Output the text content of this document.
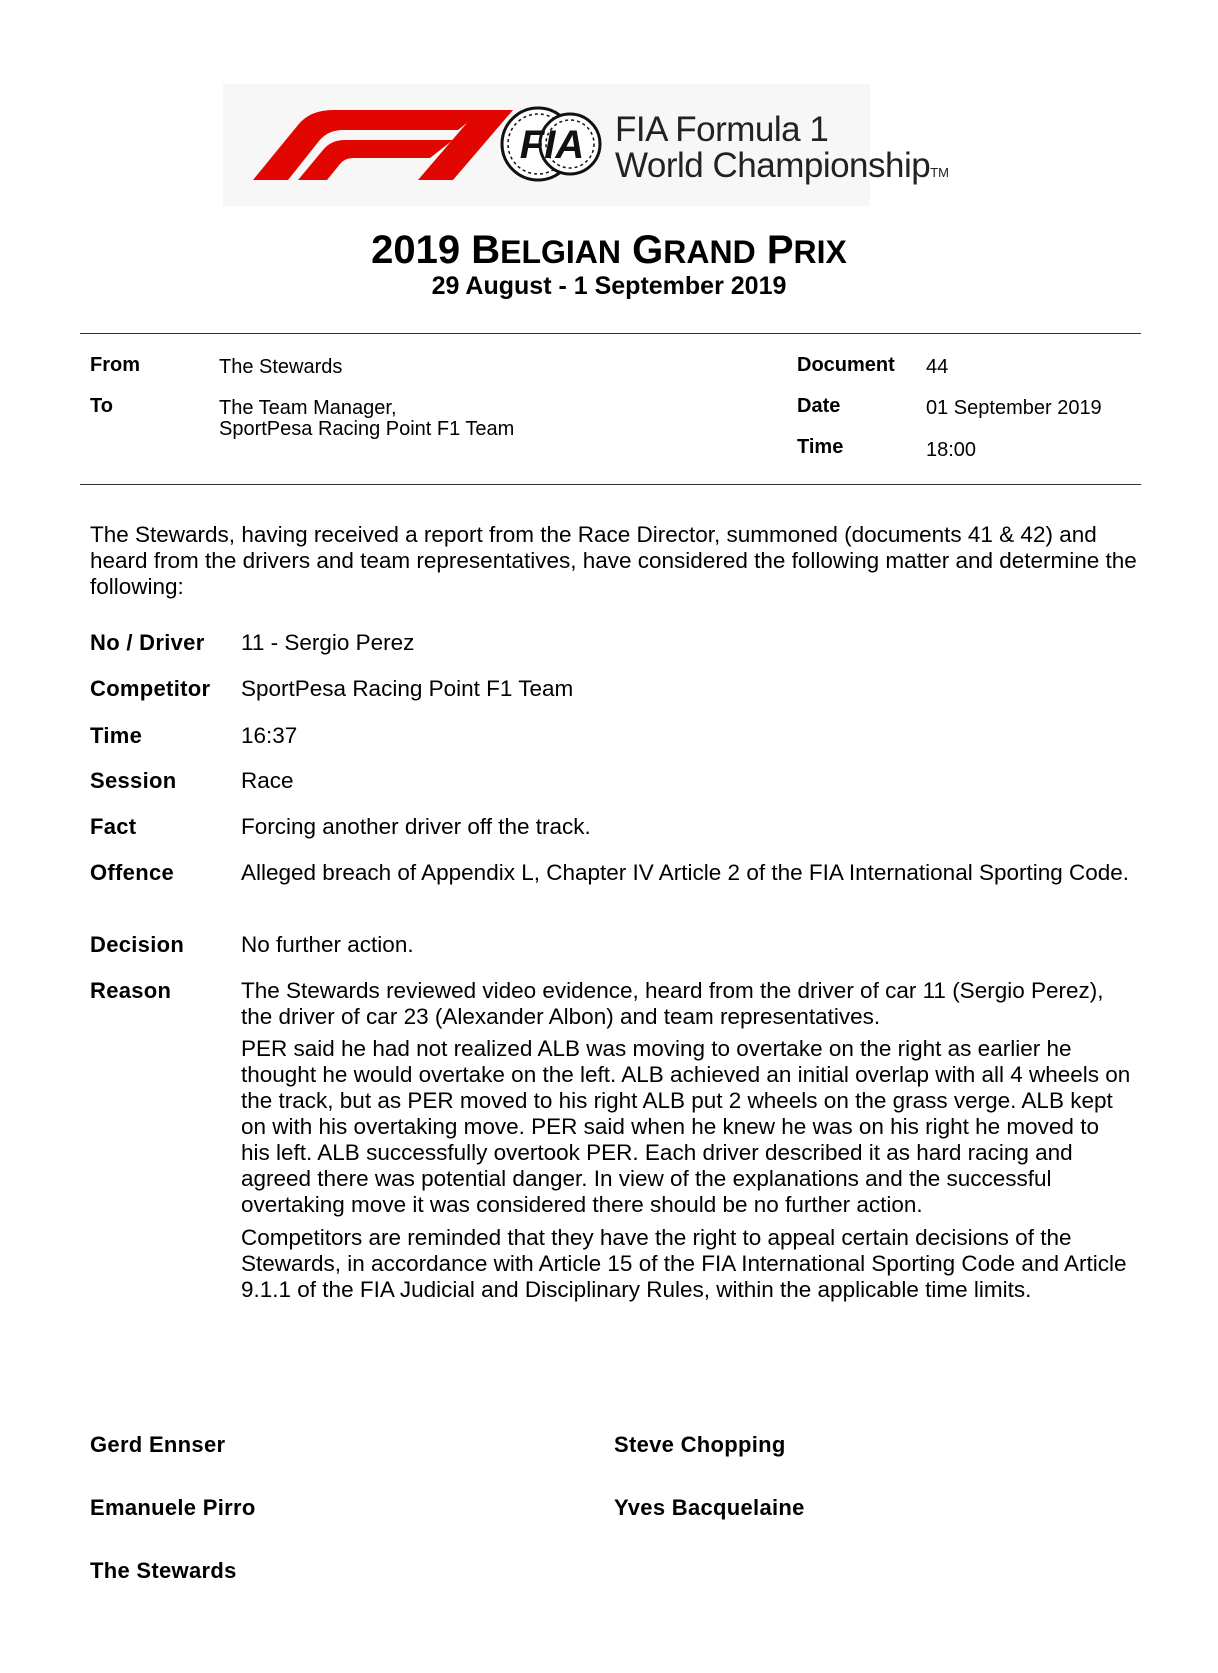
FIA FIA Formula 1
World ChampionshipTM
2019 BELGIAN GRAND PRIX
29 August - 1 September 2019
From	The Stewards
To	The Team Manager,
SportPesa Racing Point F1 Team
Document 44
Date	01 September 2019
Time	18:00
The Stewards, having received a report from the Race Director, summoned (documents 41 & 42) and heard from the drivers and team representatives, have considered the following matter and determine the following:
No / Driver 11 - Sergio Perez
Competitor SportPesa Racing Point F1 Team
Time	16:37
Session	Race
Fact	Forcing another driver off the track.
Offence	Alleged breach of Appendix L, Chapter IV Article 2 of the FIA International Sporting Code.
Decision	No further action.
Reason	The Stewards reviewed video evidence, heard from the driver of car 11 (Sergio Perez), the driver of car 23 (Alexander Albon) and team representatives.
PER said he had not realized ALB was moving to overtake on the right as earlier he thought he would overtake on the left. ALB achieved an initial overlap with all 4 wheels on the track, but as PER moved to his right ALB put 2 wheels on the grass verge. ALB kept on with his overtaking move. PER said when he knew he was on his right he moved to his left. ALB successfully overtook PER. Each driver described it as hard racing and agreed there was potential danger. In view of the explanations and the successful overtaking move it was considered there should be no further action.
Competitors are reminded that they have the right to appeal certain decisions of the Stewards, in accordance with Article 15 of the FIA International Sporting Code and Article 9.1.1 of the FIA Judicial and Disciplinary Rules, within the applicable time limits.
Gerd Ennser	Steve Chopping
Emanuele Pirro	Yves Bacquelaine
The Stewards
